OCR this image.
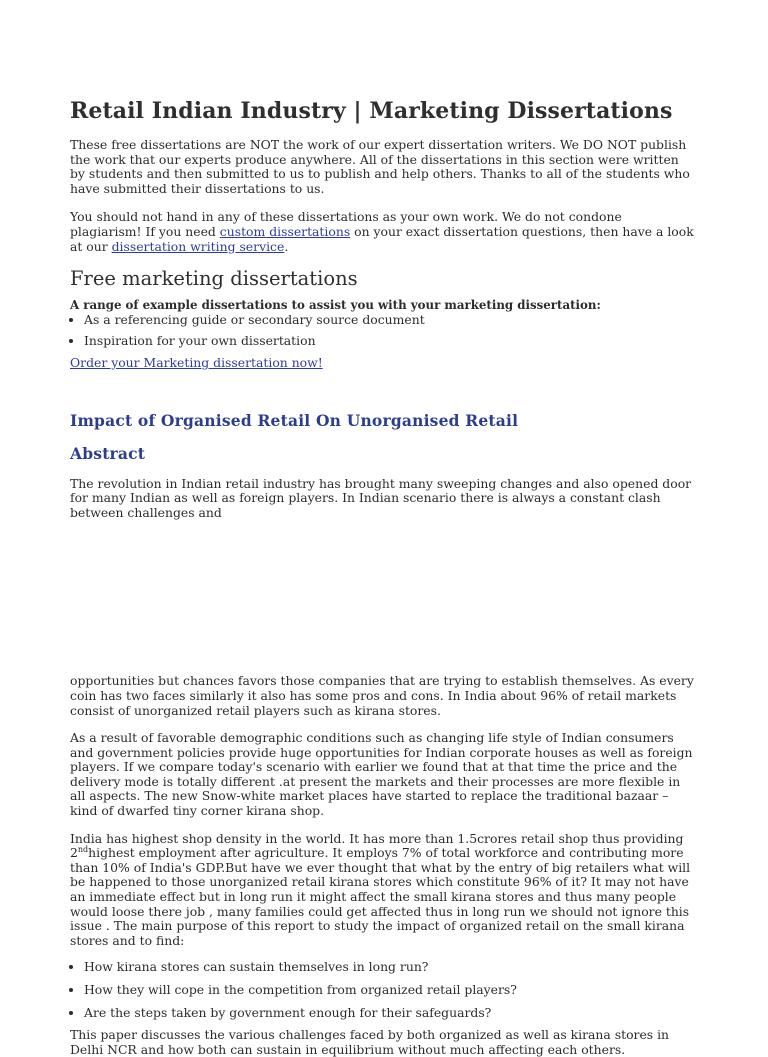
Retail Indian Industry | Marketing Dissertations

These free dissertations are NOT the work of our expert dissertation writers. We DO NOT publish the work that our experts produce anywhere. All of the dissertations in this section were written by students and then submitted to us to publish and help others. Thanks to all of the students who have submitted their dissertations to us.

You should not hand in any of these dissertations as your own work. We do not condone plagiarism! If you need custom dissertations on your exact dissertation questions, then have a look at our dissertation writing service.

Free marketing dissertations

A range of example dissertations to assist you with your marketing dissertation:

• As a referencing guide or secondary source document
• Inspiration for your own dissertation

Order your Marketing dissertation now!

Impact of Organised Retail On Unorganised Retail
Abstract

The revolution in Indian retail industry has brought many sweeping changes and also opened door for many Indian as well as foreign players. In Indian scenario there is always a constant clash between challenges and

opportunities but chances favors those companies that are trying to establish themselves. As every coin has two faces similarly it also has some pros and cons. In India about 96% of retail markets consist of unorganized retail players such as kirana stores.

As a result of favorable demographic conditions such as changing life style of Indian consumers and government policies provide huge opportunities for Indian corporate houses as well as foreign players. If we compare today's scenario with earlier we found that at that time the price and the delivery mode is totally different .at present the markets and their processes are more flexible in all aspects. The new Snow-white market places have started to replace the traditional bazaar – kind of dwarfed tiny corner kirana shop.

India has highest shop density in the world. It has more than 1.5crores retail shop thus providing 2ndhighest employment after agriculture. It employs 7% of total workforce and contributing more than 10% of India's GDP.But have we ever thought that what by the entry of big retailers what will be happened to those unorganized retail kirana stores which constitute 96% of it? It may not have an immediate effect but in long run it might affect the small kirana stores and thus many people would loose there job , many families could get affected thus in long run we should not ignore this issue . The main purpose of this report to study the impact of organized retail on the small kirana stores and to find:

• How kirana stores can sustain themselves in long run?
• How they will cope in the competition from organized retail players?
• Are the steps taken by government enough for their safeguards?

This paper discusses the various challenges faced by both organized as well as kirana stores in Delhi NCR and how both can sustain in equilibrium without much affecting each others.
